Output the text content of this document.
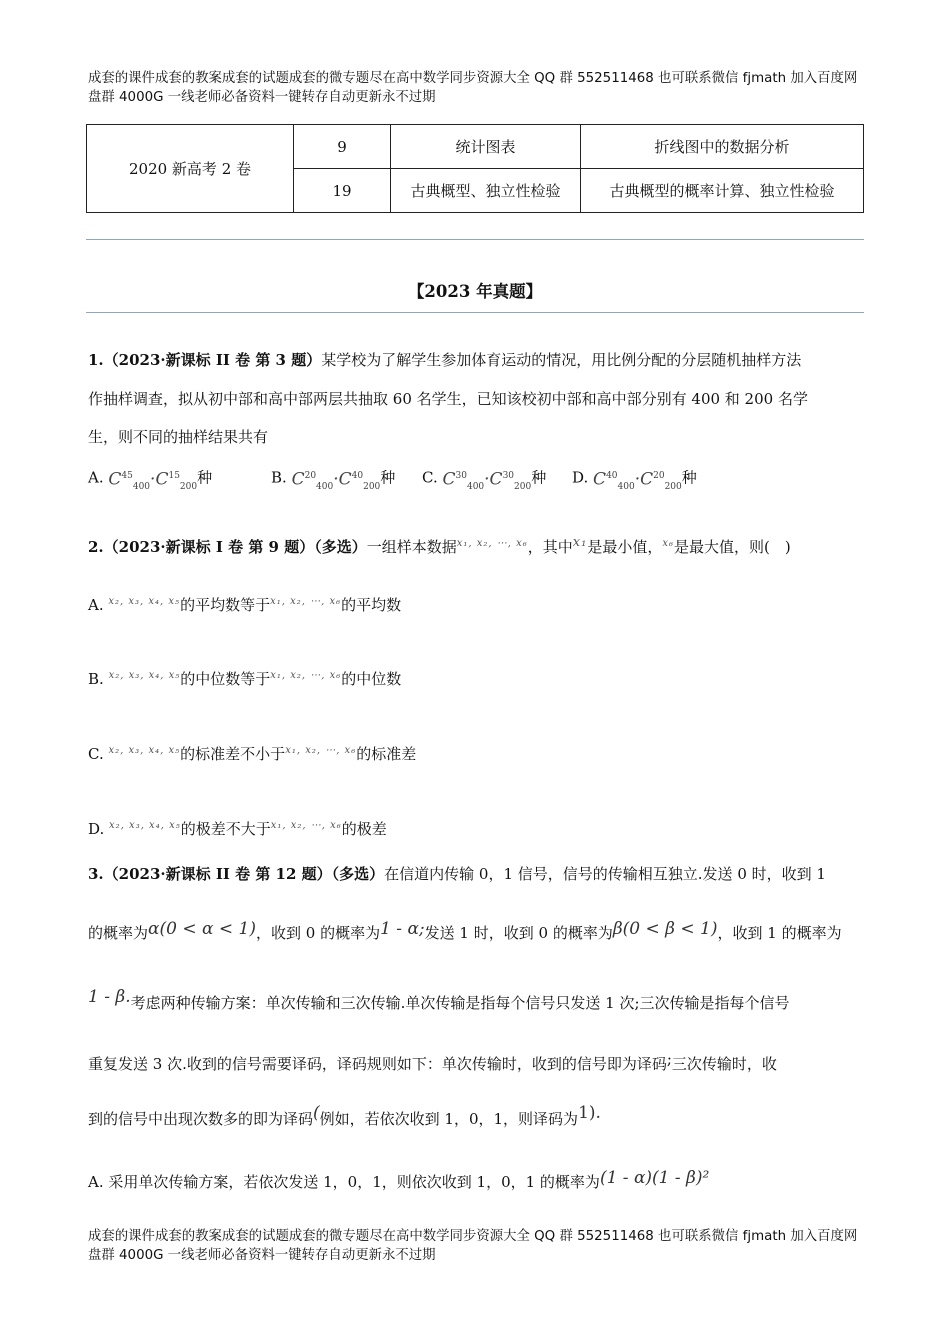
成套的课件成套的教案成套的试题成套的微专题尽在高中数学同步资源大全 QQ 群 552511468 也可联系微信 fjmath 加入百度网盘群 4000G 一线老师必备资料一键转存自动更新永不过期
2020 新高考 2 卷	9	统计图表	折线图中的数据分析
	19	古典概型、独立性检验	古典概型的概率计算、独立性检验
【2023 年真题】
1.（2023·新课标 II 卷 第 3 题）某学校为了解学生参加体育运动的情况，用比例分配的分层随机抽样方法
作抽样调查，拟从初中部和高中部两层共抽取 60 名学生，已知该校初中部和高中部分别有 400 和 200 名学
生，则不同的抽样结果共有
A. $C^{45}_{400}\cdot C^{15}_{200}$种	B. $C^{20}_{400}\cdot C^{40}_{200}$种	C. $C^{30}_{400}\cdot C^{30}_{200}$种	D. $C^{40}_{400}\cdot C^{20}_{200}$种
2.（2023·新课标 I 卷 第 9 题）（多选）一组样本数据$^{x_1, x_2, \cdots, x_6}$，其中x₁是最小值，$^{x_6}$是最大值，则(　)
A. $^{x_2, x_3, x_4, x_5}$的平均数等于$^{x_1, x_2, \cdots, x_6}$的平均数
B. $^{x_2, x_3, x_4, x_5}$的中位数等于$^{x_1, x_2, \cdots, x_6}$的中位数
C. $^{x_2, x_3, x_4, x_5}$的标准差不小于$^{x_1, x_2, \cdots, x_6}$的标准差
D. $^{x_2, x_3, x_4, x_5}$的极差不大于$^{x_1, x_2, \cdots, x_6}$的极差
3.（2023·新课标 II 卷 第 12 题）（多选）在信道内传输 0，1 信号，信号的传输相互独立.发送 0 时，收到 1
的概率为α(0 < α < 1)，收到 0 的概率为1 - α;发送 1 时，收到 0 的概率为β(0 < β < 1)，收到 1 的概率为
1 - β.考虑两种传输方案：单次传输和三次传输.单次传输是指每个信号只发送 1 次;三次传输是指每个信号
重复发送 3 次.收到的信号需要译码，译码规则如下：单次传输时，收到的信号即为译码;三次传输时，收
到的信号中出现次数多的即为译码(例如，若依次收到 1，0，1，则译码为1).
A. 采用单次传输方案，若依次发送 1，0，1，则依次收到 1，0，1 的概率为(1 - α)(1 - β)²
成套的课件成套的教案成套的试题成套的微专题尽在高中数学同步资源大全 QQ 群 552511468 也可联系微信 fjmath 加入百度网盘群 4000G 一线老师必备资料一键转存自动更新永不过期
